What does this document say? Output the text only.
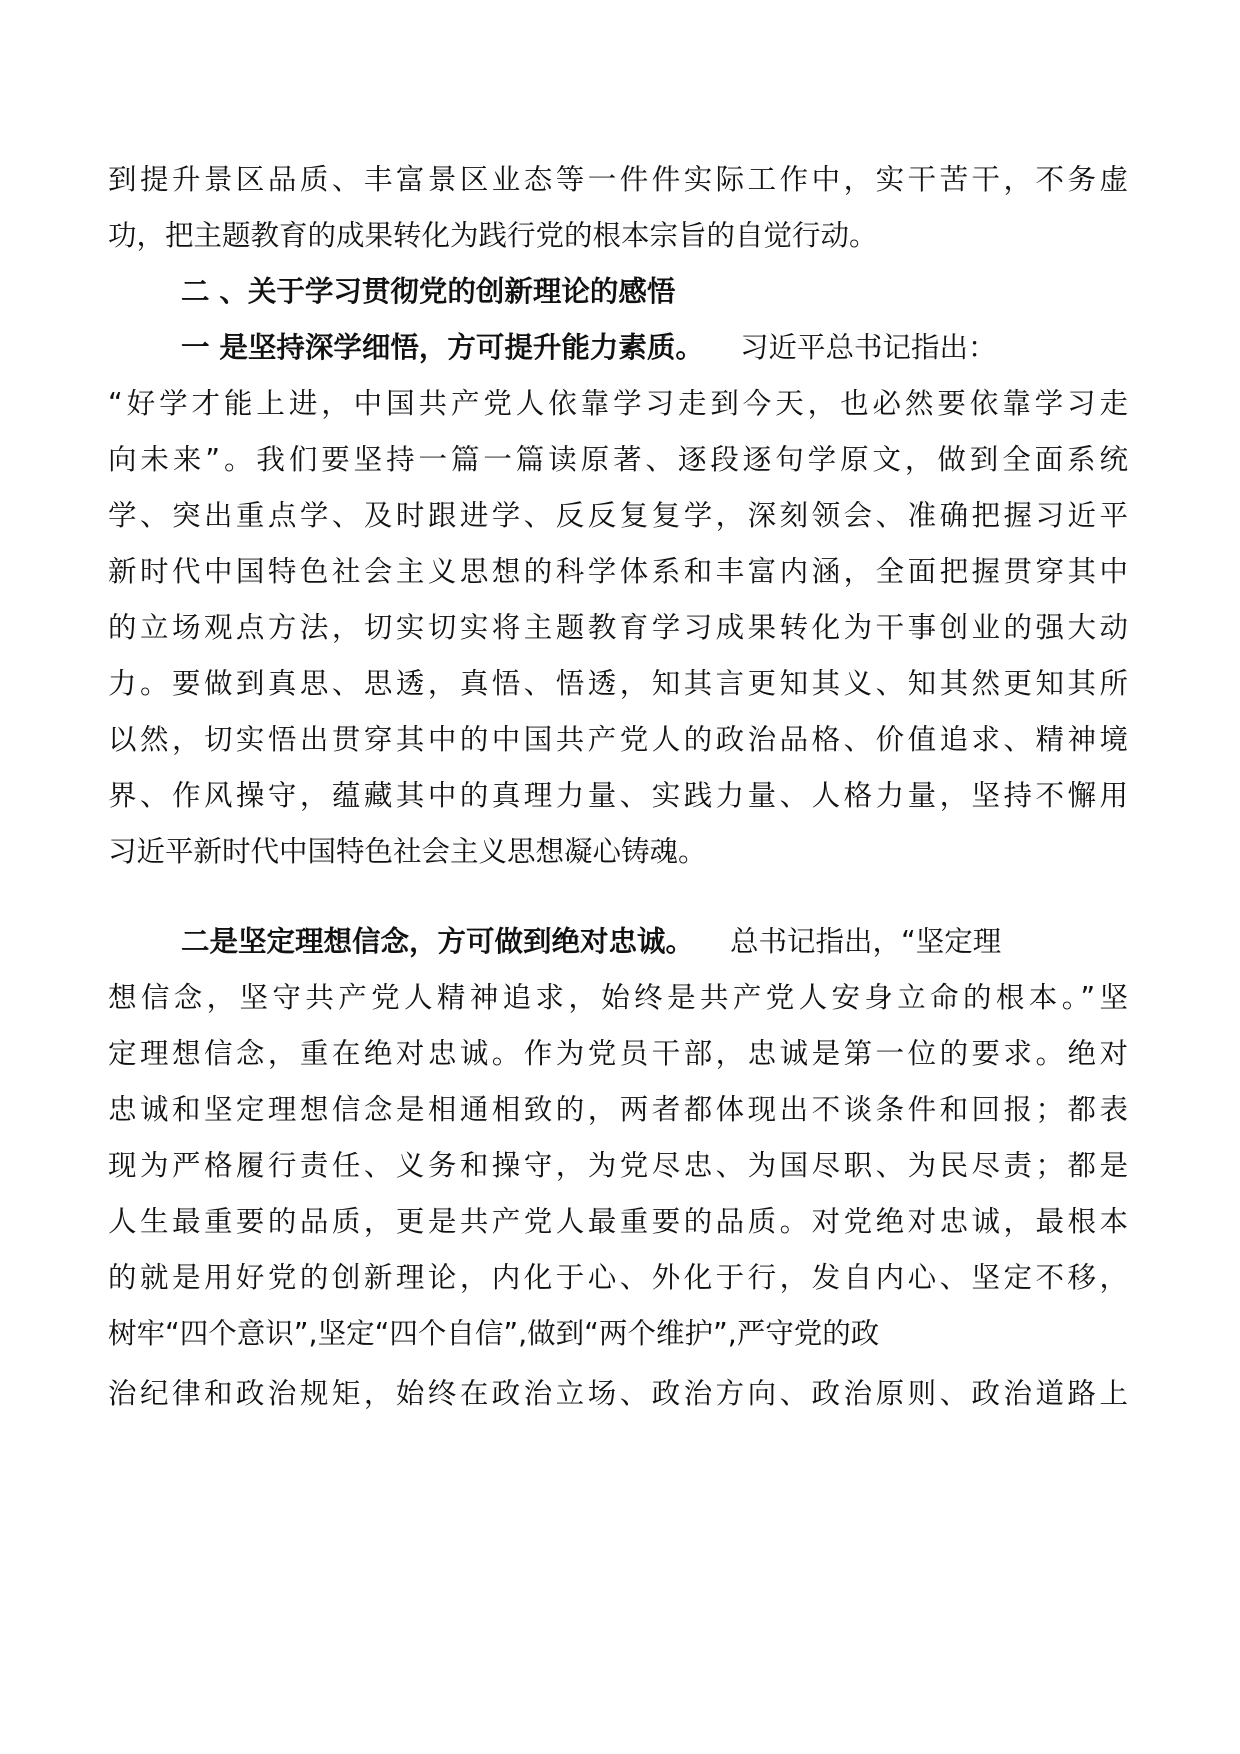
到提升景区品质、丰富景区业态等一件件实际工作中，实干苦干，不务虚
功，把主题教育的成果转化为践行党的根本宗旨的自觉行动。
二 、关于学习贯彻党的创新理论的感悟
一 是坚持深学细悟，方可提升能力素质。 习近平总书记指出：
“好学才能上进，中国共产党人依靠学习走到今天，也必然要依靠学习走
向未来”。我们要坚持一篇一篇读原著、逐段逐句学原文，做到全面系统
学、突出重点学、及时跟进学、反反复复学，深刻领会、准确把握习近平
新时代中国特色社会主义思想的科学体系和丰富内涵，全面把握贯穿其中
的立场观点方法，切实切实将主题教育学习成果转化为干事创业的强大动
力。要做到真思、思透，真悟、悟透，知其言更知其义、知其然更知其所
以然，切实悟出贯穿其中的中国共产党人的政治品格、价值追求、精神境
界、作风操守，蕴藏其中的真理力量、实践力量、人格力量，坚持不懈用
习近平新时代中国特色社会主义思想凝心铸魂。
二是坚定理想信念，方可做到绝对忠诚。 总书记指出，“坚定理
想信念，坚守共产党人精神追求，始终是共产党人安身立命的根本。”坚
定理想信念，重在绝对忠诚。作为党员干部，忠诚是第一位的要求。绝对
忠诚和坚定理想信念是相通相致的，两者都体现出不谈条件和回报；都表
现为严格履行责任、义务和操守，为党尽忠、为国尽职、为民尽责；都是
人生最重要的品质，更是共产党人最重要的品质。对党绝对忠诚，最根本
的就是用好党的创新理论，内化于心、外化于行，发自内心、坚定不移，
树牢“四个意识”,坚定“四个自信”,做到“两个维护”,严守党的政
治纪律和政治规矩，始终在政治立场、政治方向、政治原则、政治道路上
